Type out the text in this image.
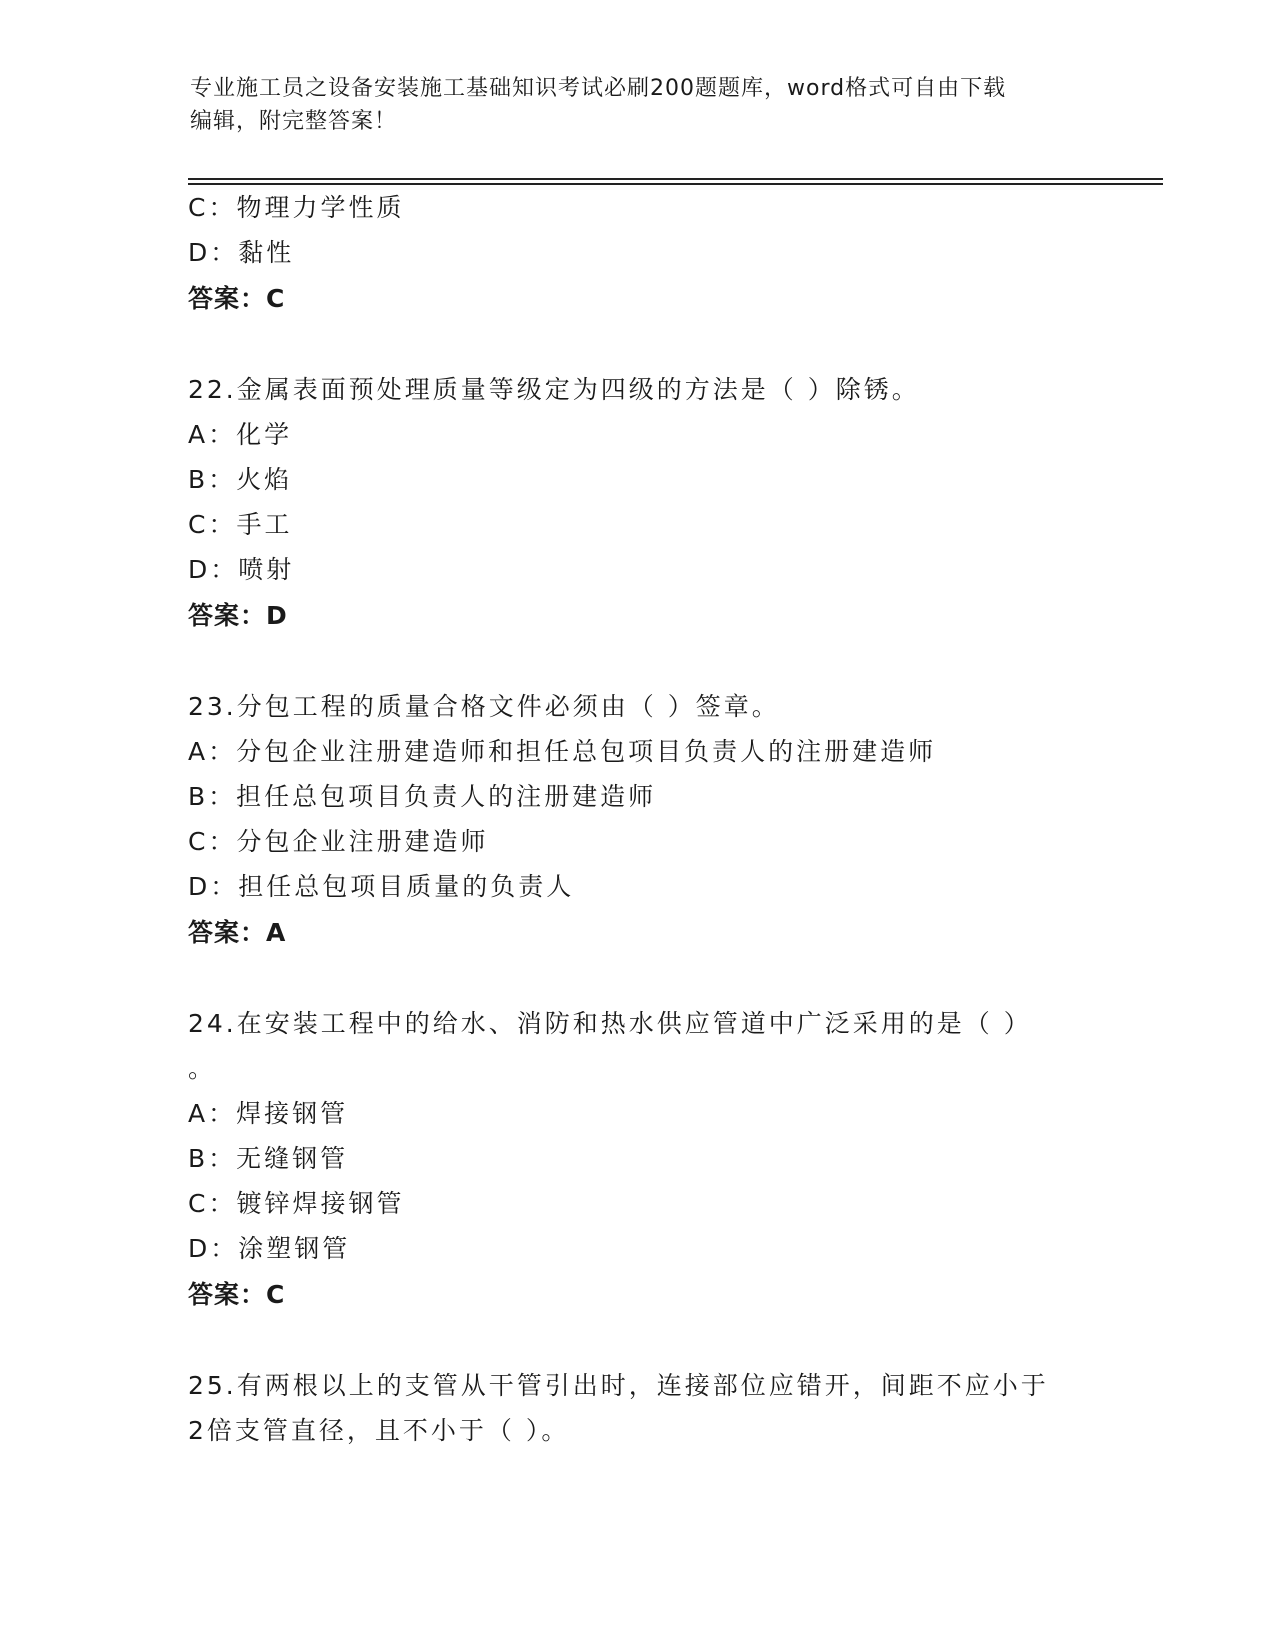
专业施工员之设备安装施工基础知识考试必刷200题题库，word格式可自由下载
编辑，附完整答案！
C：物理力学性质
D：黏性
答案：C
22.金属表面预处理质量等级定为四级的方法是（ ）除锈。
A：化学
B：火焰
C：手工
D：喷射
答案：D
23.分包工程的质量合格文件必须由（ ）签章。
A：分包企业注册建造师和担任总包项目负责人的注册建造师
B：担任总包项目负责人的注册建造师
C：分包企业注册建造师
D：担任总包项目质量的负责人
答案：A
24.在安装工程中的给水、消防和热水供应管道中广泛采用的是（ ）
。
A：焊接钢管
B：无缝钢管
C：镀锌焊接钢管
D：涂塑钢管
答案：C
25.有两根以上的支管从干管引出时，连接部位应错开，间距不应小于
2倍支管直径，且不小于（ ）。
